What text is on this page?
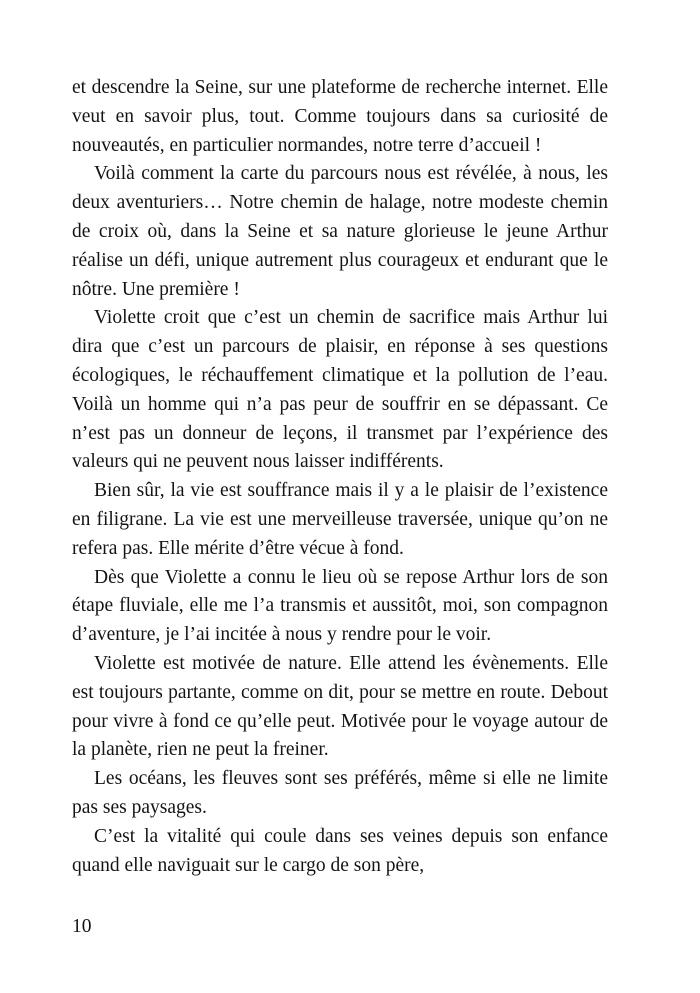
et descendre la Seine, sur une plateforme de recherche internet. Elle veut en savoir plus, tout. Comme toujours dans sa curiosité de nouveautés, en particulier normandes, notre terre d’accueil !

Voilà comment la carte du parcours nous est révélée, à nous, les deux aventuriers… Notre chemin de halage, notre modeste chemin de croix où, dans la Seine et sa nature glorieuse le jeune Arthur réalise un défi, unique autrement plus courageux et endurant que le nôtre. Une première !

Violette croit que c’est un chemin de sacrifice mais Arthur lui dira que c’est un parcours de plaisir, en réponse à ses questions écologiques, le réchauffement climatique et la pollution de l’eau. Voilà un homme qui n’a pas peur de souffrir en se dépassant. Ce n’est pas un donneur de leçons, il transmet par l’expérience des valeurs qui ne peuvent nous laisser indifférents.

Bien sûr, la vie est souffrance mais il y a le plaisir de l’existence en filigrane. La vie est une merveilleuse traversée, unique qu’on ne refera pas. Elle mérite d’être vécue à fond.

Dès que Violette a connu le lieu où se repose Arthur lors de son étape fluviale, elle me l’a transmis et aussitôt, moi, son compagnon d’aventure, je l’ai incitée à nous y rendre pour le voir.

Violette est motivée de nature. Elle attend les évènements. Elle est toujours partante, comme on dit, pour se mettre en route. Debout pour vivre à fond ce qu’elle peut. Motivée pour le voyage autour de la planète, rien ne peut la freiner.

Les océans, les fleuves sont ses préférés, même si elle ne limite pas ses paysages.

C’est la vitalité qui coule dans ses veines depuis son enfance quand elle naviguait sur le cargo de son père,

10
